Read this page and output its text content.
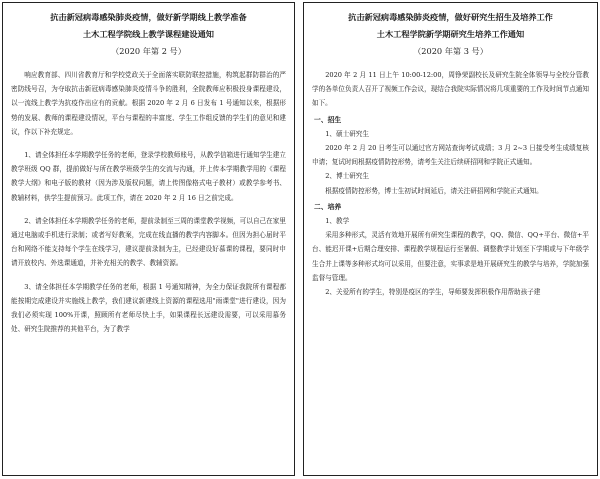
抗击新冠病毒感染肺炎疫情，做好新学期线上教学准备
土木工程学院线上教学课程建设通知
（2020 年第 2 号）

响应教育部、四川省教育厅和学校党政关于全面落实联防联控措施，构筑起群防群治的严密防线号召，为夺取抗击新冠病毒感染肺炎疫情斗争的胜利，全院教师应积极投身课程建设，以一流线上教学为抗疫作出应有的贡献。根据 2020 年 2 月 6 日发布 1 号通知以来，根据形势的发展、教师的课程建设情况，平台与课程的丰富度、学生工作组反馈的学生们的意见和建议，作以下补充规定。

1、请全体担任本学期教学任务的老师，登录学校教师账号，从教学信箱进行通知学生建立教学班级 QQ 群，提前做好与所在教学班级学生的交流与沟通，并上传本学期教学用的《课程教学大纲》和电子版的教材（因为涉及版权问题，请上传图像格式电子教材）或教学参考书、教辅材料，供学生提前预习。此项工作，请在 2020 年 2 月 16 日之前完成。

2、请全体担任本学期教学任务的老师，提前录制至三周的课堂教学视频，可以自己在家里通过电脑或手机进行录制；或者写好教案，完成在线直播的教学内容脚本。但因为担心届时平台和网络不能支持每个学生在线学习，建议提前录制为主，已经建设好慕课的课程，要同时申请开放校内、外选课通道，并补充相关的教学、教辅资源。

3、请全体担任本学期教学任务的老师，根据 1 号通知精神，为全力保证我院所有课程都能按期完成建设并实施线上教学，我们建议新建线上资源的课程选用"雨课堂"进行建设，因为我们必须实现 100%开课，照顾所有老师尽快上手，如果课程长远建设需要，可以采用慕务处、研究生院推荐的其他平台，为了教学

抗击新冠病毒感染肺炎疫情，做好研究生招生及培养工作
土木工程学院新学期研究生培养工作通知
（2020 年第 3 号）

2020 年 2 月 11 日上午 10:00-12:00，周铮荣副校长及研究生院全体领导与全校分管教学的各单位负责人召开了视频工作会议，现结合我院实际情况将几项重要的工作及时间节点通知如下。

一、招生

1、硕士研究生

2020 年 2 月 20 日考生可以通过官方网站查询考试成绩；3 月 2~3 日接受考生成绩复核申请；复试时间根据疫情防控形势，请考生关注后续研招网和学院正式通知。

2、博士研究生

根据疫情防控形势，博士生初试时间延后，请关注研招网和学院正式通知。

二、培养

1、教学

采用多种形式，灵活有效地开展所有研究生课程的教学，QQ、微信、QQ+平台、微信+平台、能迟开课+后期合理安排、课程教学规程运行至暑假、调整教学计划至下学期或与下年级学生合并上课等多种形式均可以采用，但要注意，实事求是地开展研究生的教学与培养，学院加强监督与管理。

2、关爱所有的学生，特别是疫区的学生，导师要发挥积极作用帮助孩子建
